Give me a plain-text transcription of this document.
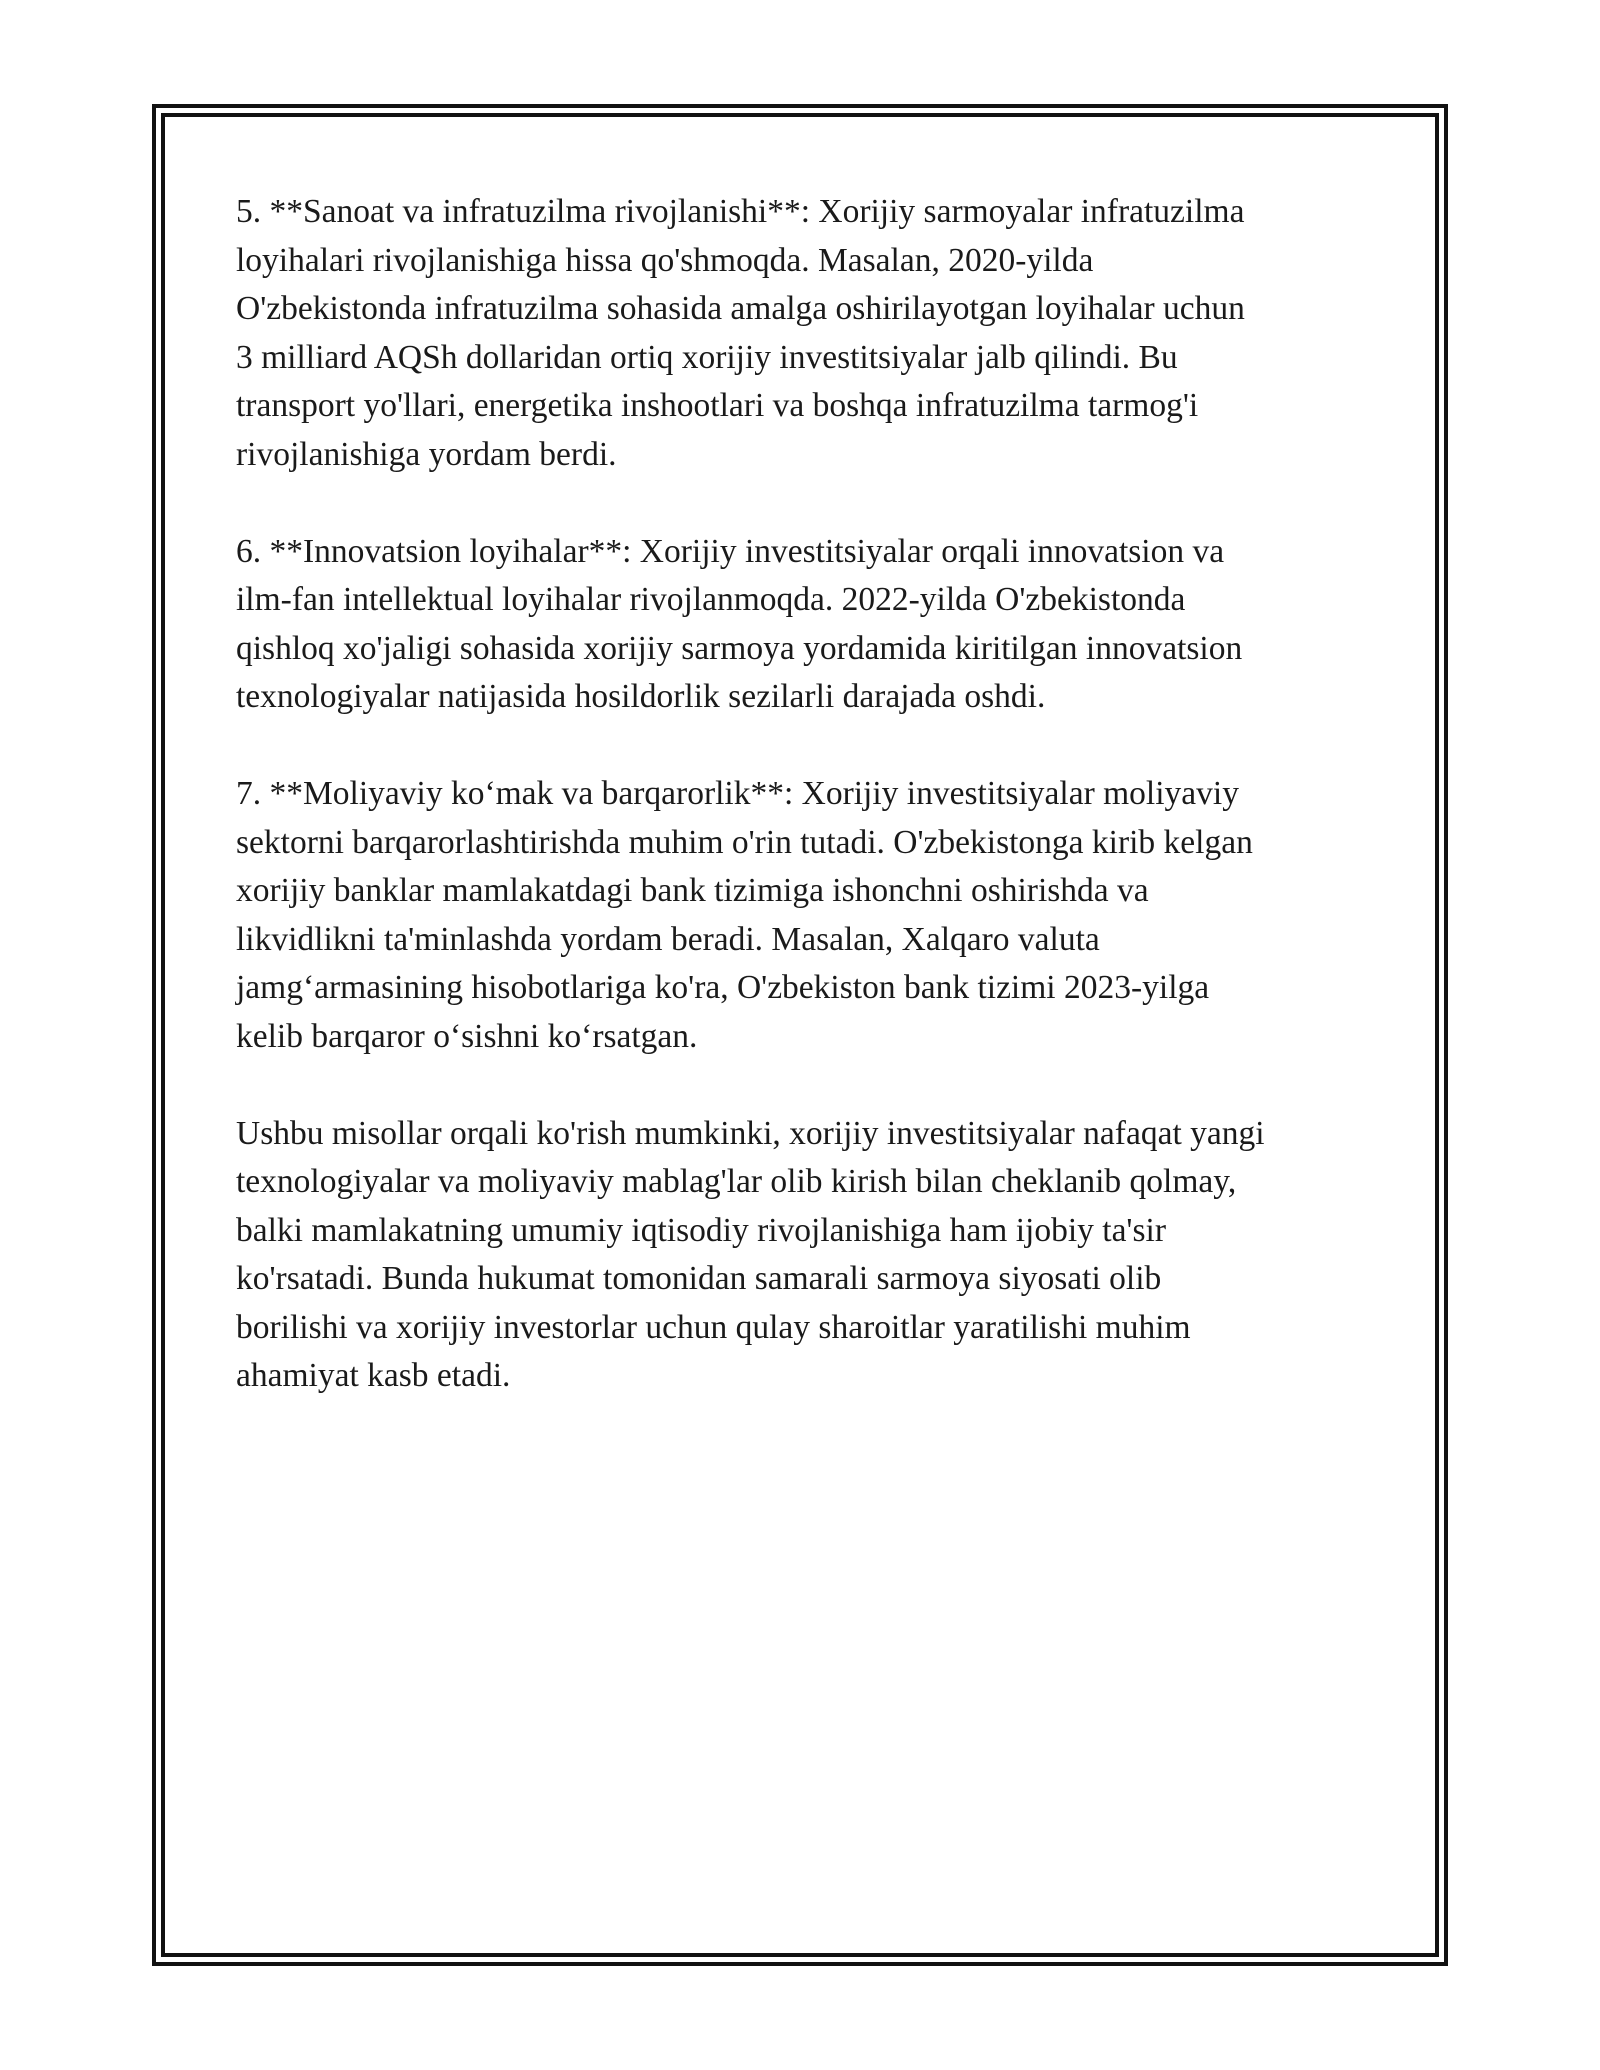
5. **Sanoat va infratuzilma rivojlanishi**: Xorijiy sarmoyalar infratuzilma
loyihalari rivojlanishiga hissa qo'shmoqda. Masalan, 2020-yilda
O'zbekistonda infratuzilma sohasida amalga oshirilayotgan loyihalar uchun
3 milliard AQSh dollaridan ortiq xorijiy investitsiyalar jalb qilindi. Bu
transport yo'llari, energetika inshootlari va boshqa infratuzilma tarmog'i
rivojlanishiga yordam berdi.

6. **Innovatsion loyihalar**: Xorijiy investitsiyalar orqali innovatsion va
ilm-fan intellektual loyihalar rivojlanmoqda. 2022-yilda O'zbekistonda
qishloq xo'jaligi sohasida xorijiy sarmoya yordamida kiritilgan innovatsion
texnologiyalar natijasida hosildorlik sezilarli darajada oshdi.

7. **Moliyaviy koʻmak va barqarorlik**: Xorijiy investitsiyalar moliyaviy
sektorni barqarorlashtirishda muhim o'rin tutadi. O'zbekistonga kirib kelgan
xorijiy banklar mamlakatdagi bank tizimiga ishonchni oshirishda va
likvidlikni ta'minlashda yordam beradi. Masalan, Xalqaro valuta
jamgʻarmasining hisobotlariga ko'ra, O'zbekiston bank tizimi 2023-yilga
kelib barqaror oʻsishni koʻrsatgan.

Ushbu misollar orqali ko'rish mumkinki, xorijiy investitsiyalar nafaqat yangi
texnologiyalar va moliyaviy mablag'lar olib kirish bilan cheklanib qolmay,
balki mamlakatning umumiy iqtisodiy rivojlanishiga ham ijobiy ta'sir
ko'rsatadi. Bunda hukumat tomonidan samarali sarmoya siyosati olib
borilishi va xorijiy investorlar uchun qulay sharoitlar yaratilishi muhim
ahamiyat kasb etadi.
